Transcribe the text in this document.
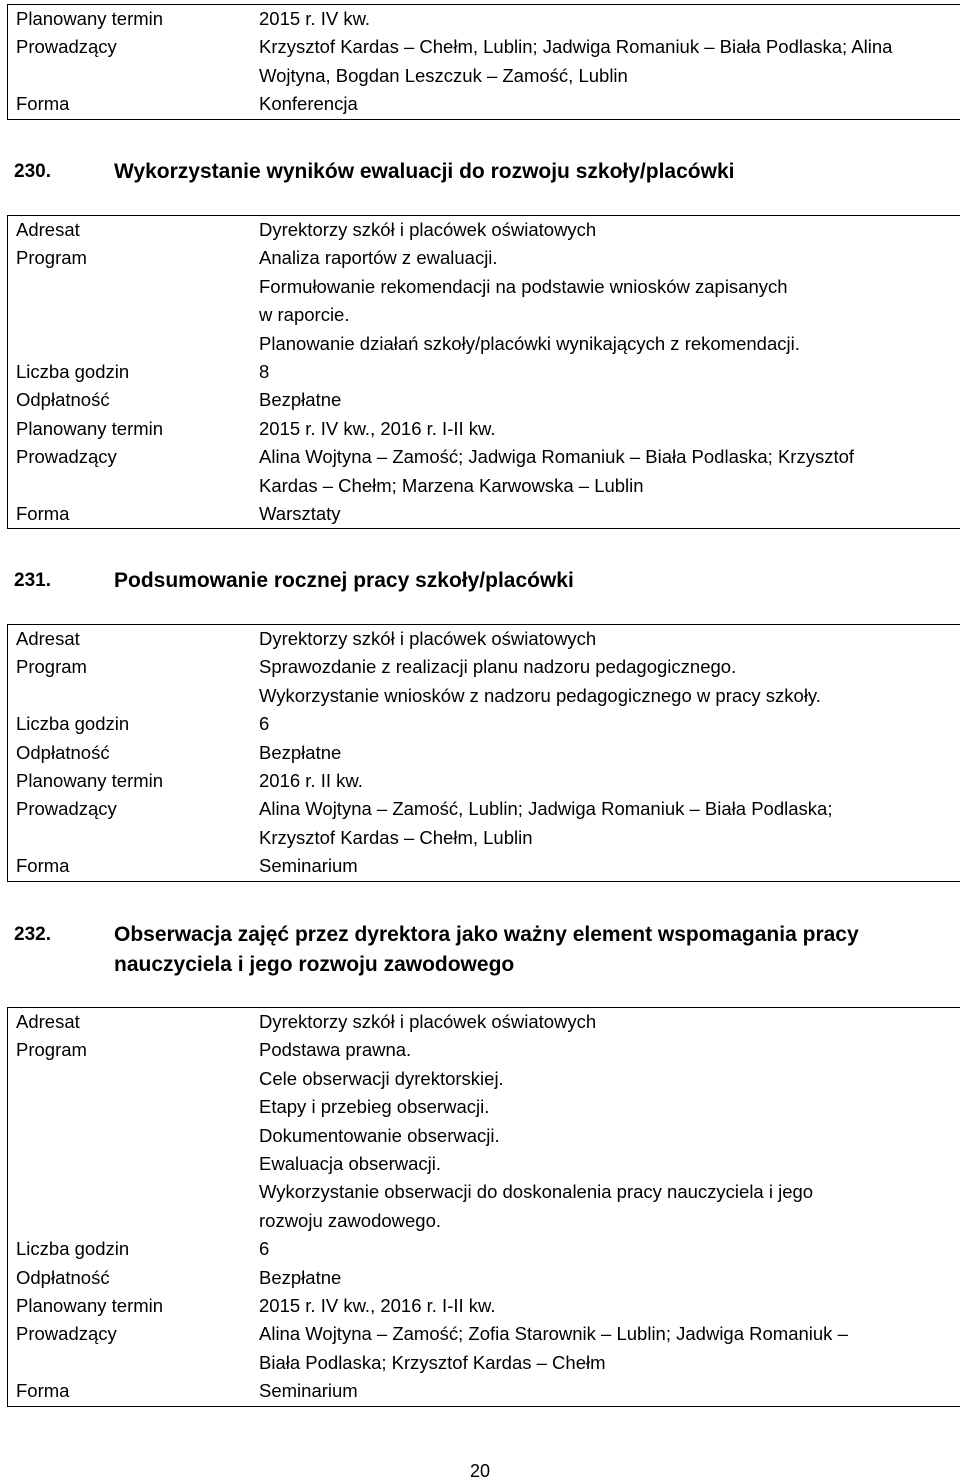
Planowany termin	2015 r. IV kw.
Prowadzący	Krzysztof Kardas – Chełm, Lublin; Jadwiga Romaniuk – Biała Podlaska; Alina
Wojtyna, Bogdan Leszczuk – Zamość, Lublin
Forma	Konferencja
230.	Wykorzystanie wyników ewaluacji do rozwoju szkoły/placówki
Adresat	Dyrektorzy szkół i placówek oświatowych
Program	Analiza raportów z ewaluacji.
Formułowanie rekomendacji na podstawie wniosków zapisanych
w raporcie.
Planowanie działań szkoły/placówki wynikających z rekomendacji.
Liczba godzin	8
Odpłatność	Bezpłatne
Planowany termin	2015 r. IV kw., 2016 r. I-II kw.
Prowadzący	Alina Wojtyna – Zamość; Jadwiga Romaniuk – Biała Podlaska; Krzysztof
Kardas – Chełm; Marzena Karwowska – Lublin
Forma	Warsztaty
231.	Podsumowanie rocznej pracy szkoły/placówki
Adresat	Dyrektorzy szkół i placówek oświatowych
Program	Sprawozdanie z realizacji planu nadzoru pedagogicznego.
Wykorzystanie wniosków z nadzoru pedagogicznego w pracy szkoły.
Liczba godzin	6
Odpłatność	Bezpłatne
Planowany termin	2016 r. II kw.
Prowadzący	Alina Wojtyna – Zamość, Lublin; Jadwiga Romaniuk – Biała Podlaska;
Krzysztof Kardas – Chełm, Lublin
Forma	Seminarium
232.	Obserwacja zajęć przez dyrektora jako ważny element wspomagania pracy
nauczyciela i jego rozwoju zawodowego
Adresat	Dyrektorzy szkół i placówek oświatowych
Program	Podstawa prawna.
Cele obserwacji dyrektorskiej.
Etapy i przebieg obserwacji.
Dokumentowanie obserwacji.
Ewaluacja obserwacji.
Wykorzystanie obserwacji do doskonalenia pracy nauczyciela i jego
rozwoju zawodowego.
Liczba godzin	6
Odpłatność	Bezpłatne
Planowany termin	2015 r. IV kw., 2016 r. I-II kw.
Prowadzący	Alina Wojtyna – Zamość; Zofia Starownik – Lublin; Jadwiga Romaniuk –
Biała Podlaska; Krzysztof Kardas – Chełm
Forma	Seminarium
20
